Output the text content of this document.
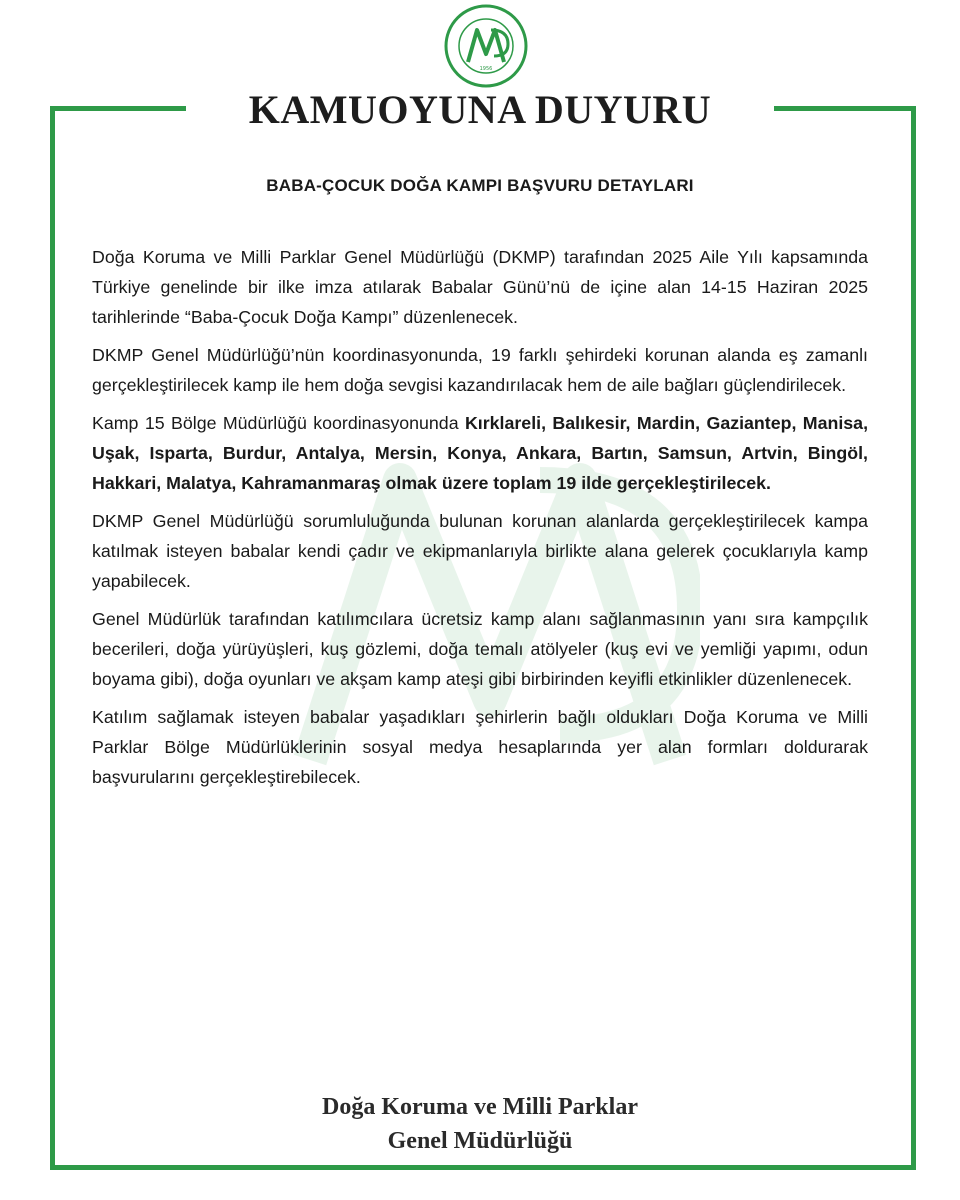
1956
KAMUOYUNA DUYURU
BABA-ÇOCUK DOĞA KAMPI BAŞVURU DETAYLARI

Doğa Koruma ve Milli Parklar Genel Müdürlüğü (DKMP) tarafından 2025 Aile Yılı kapsamında Türkiye genelinde bir ilke imza atılarak Babalar Günü’nü de içine alan 14-15 Haziran 2025 tarihlerinde “Baba-Çocuk Doğa Kampı” düzenlenecek.

DKMP Genel Müdürlüğü’nün koordinasyonunda, 19 farklı şehirdeki korunan alanda eş zamanlı gerçekleştirilecek kamp ile hem doğa sevgisi kazandırılacak hem de aile bağları güçlendirilecek.

Kamp 15 Bölge Müdürlüğü koordinasyonunda Kırklareli, Balıkesir, Mardin, Gaziantep, Manisa, Uşak, Isparta, Burdur, Antalya, Mersin, Konya, Ankara, Bartın, Samsun, Artvin, Bingöl, Hakkari, Malatya, Kahramanmaraş olmak üzere toplam 19 ilde gerçekleştirilecek.

DKMP Genel Müdürlüğü sorumluluğunda bulunan korunan alanlarda gerçekleştirilecek kampa katılmak isteyen babalar kendi çadır ve ekipmanlarıyla birlikte alana gelerek çocuklarıyla kamp yapabilecek.

Genel Müdürlük tarafından katılımcılara ücretsiz kamp alanı sağlanmasının yanı sıra kampçılık becerileri, doğa yürüyüşleri, kuş gözlemi, doğa temalı atölyeler (kuş evi ve yemliği yapımı, odun boyama gibi), doğa oyunları ve akşam kamp ateşi gibi birbirinden keyifli etkinlikler düzenlenecek.

Katılım sağlamak isteyen babalar yaşadıkları şehirlerin bağlı oldukları Doğa Koruma ve Milli Parklar Bölge Müdürlüklerinin sosyal medya hesaplarında yer alan formları doldurarak başvurularını gerçekleştirebilecek.

Doğa Koruma ve Milli Parklar
Genel Müdürlüğü
